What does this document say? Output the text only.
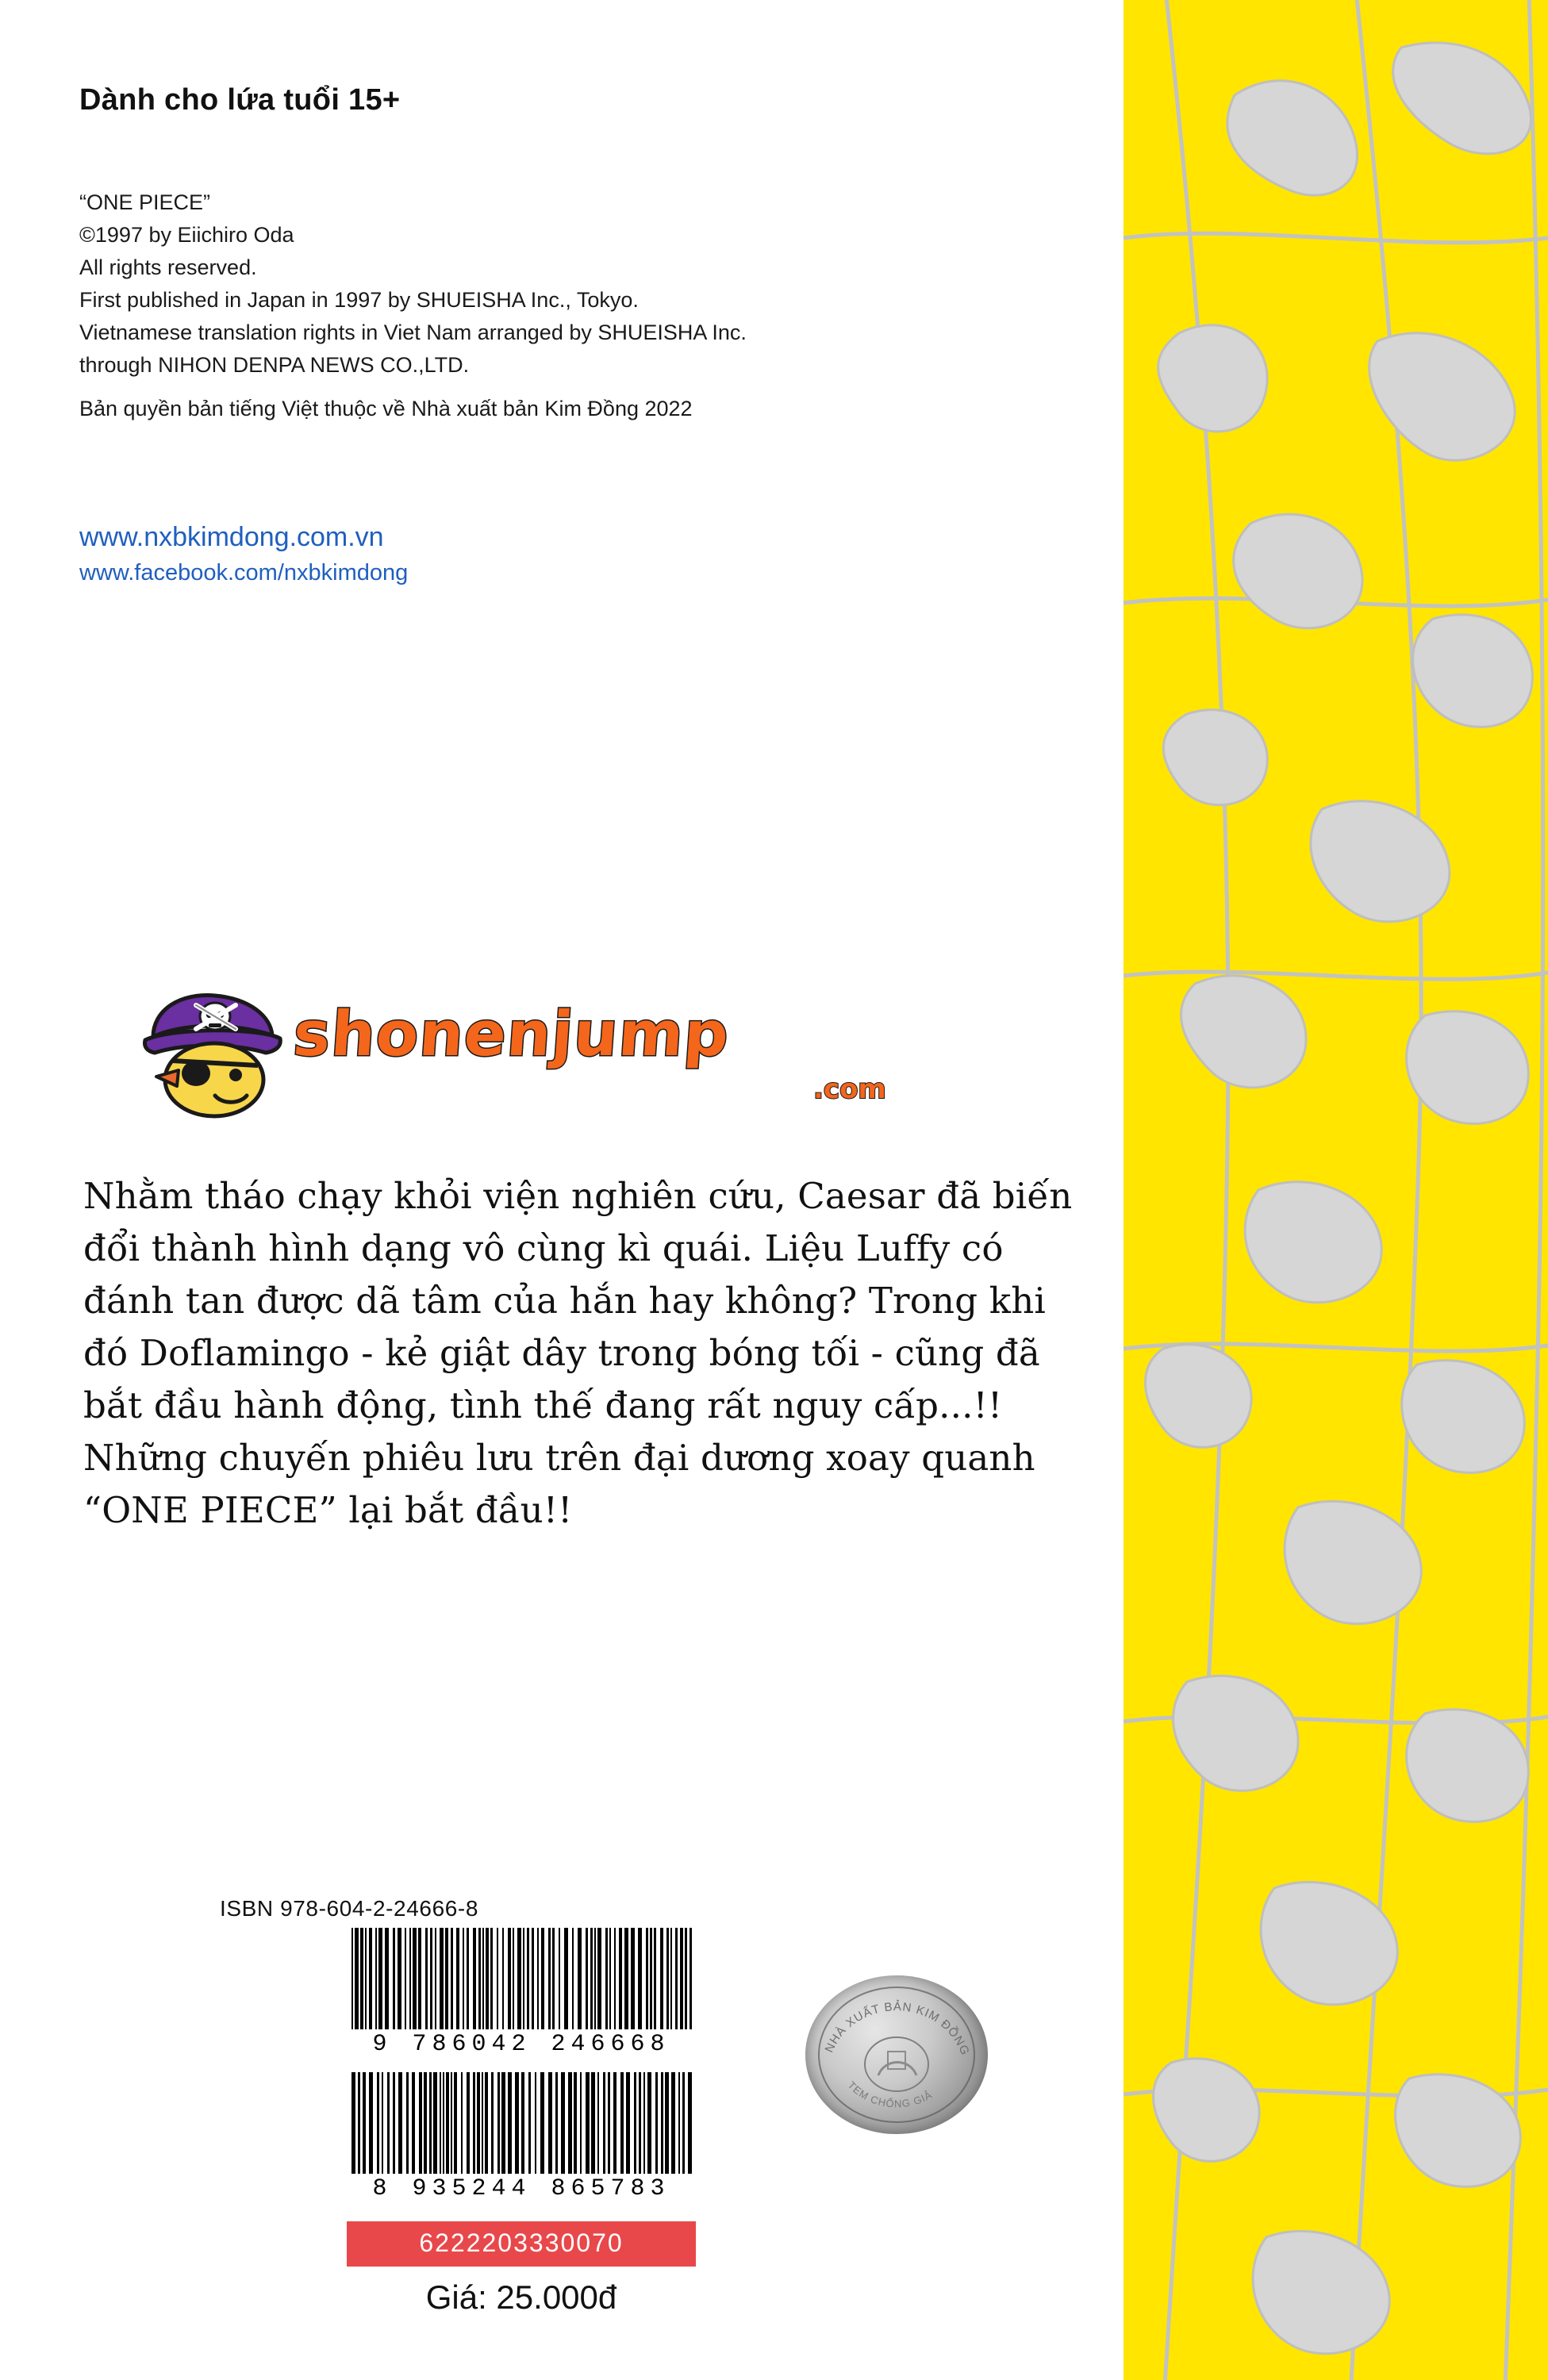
Dành cho lứa tuổi 15+
“ONE PIECE”
©1997 by Eiichiro Oda
All rights reserved.
First published in Japan in 1997 by SHUEISHA Inc., Tokyo.
Vietnamese translation rights in Viet Nam arranged by SHUEISHA Inc.
through NIHON DENPA NEWS CO.,LTD.
Bản quyền bản tiếng Việt thuộc về Nhà xuất bản Kim Đồng 2022
www.nxbkimdong.com.vn
www.facebook.com/nxbkimdong
shonenjump
.com

Nhằm tháo chạy khỏi viện nghiên cứu, Caesar đã biến đổi thành hình dạng vô cùng kì quái. Liệu Luffy có đánh tan được dã tâm của hắn hay không? Trong khi đó Doflamingo - kẻ giật dây trong bóng tối - cũng đã bắt đầu hành động, tình thế đang rất nguy cấp...!!

Những chuyến phiêu lưu trên đại dương xoay quanh “ONE PIECE” lại bắt đầu!!

ISBN 978-604-2-24666-8
9 786042 246668
8 935244 865783
6222203330070
Giá: 25.000đ
NHÀ XUẤT BẢN KIM ĐỒNG
TEM CHỐNG GIẢ
